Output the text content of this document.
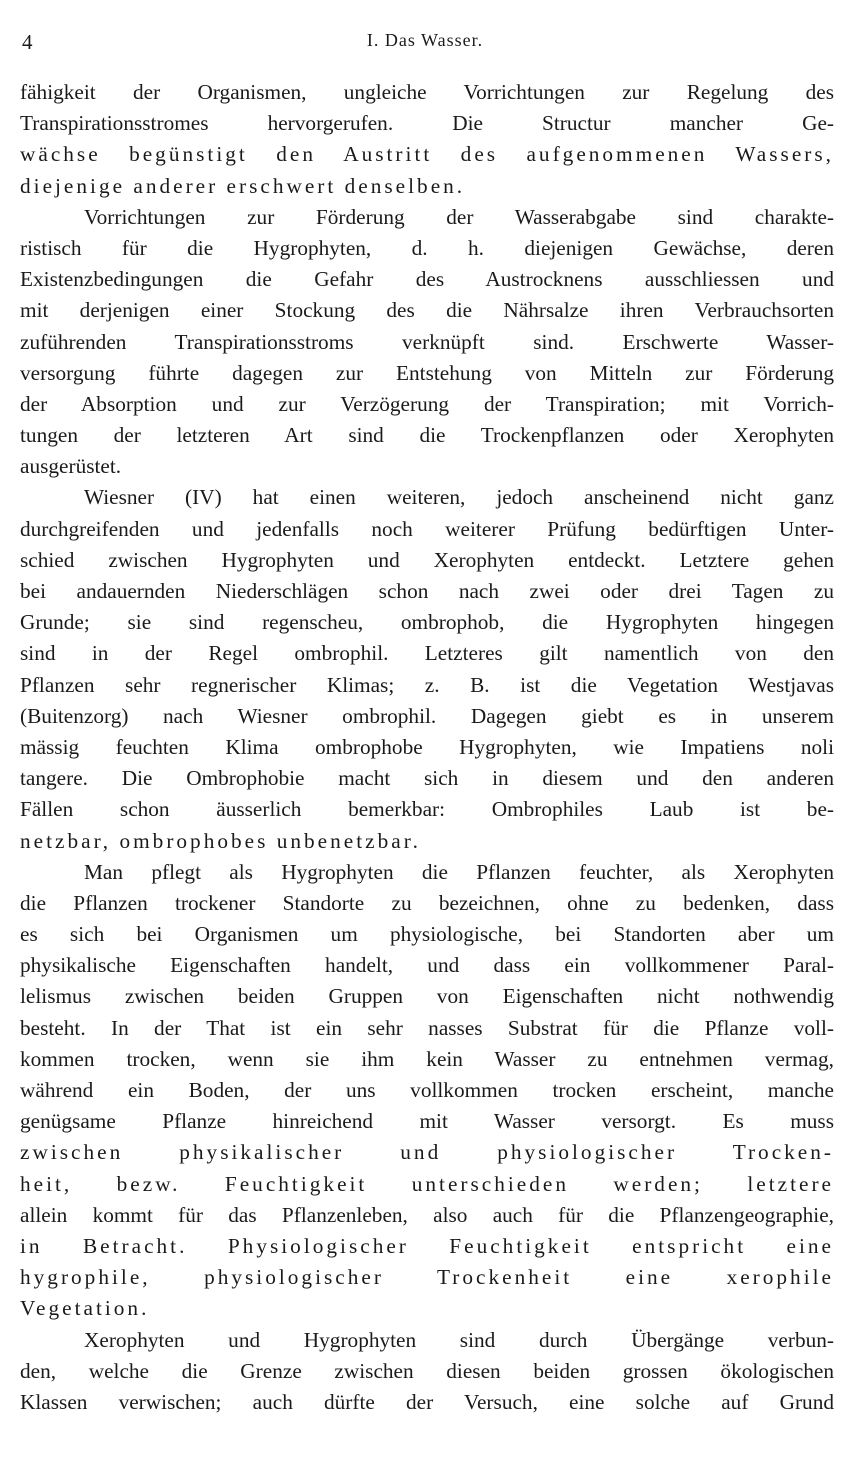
4	I. Das Wasser.
fähigkeit der Organismen, ungleiche Vorrichtungen zur Regelung des
Transpirationsstromes hervorgerufen. Die Structur mancher Ge-
wächse begünstigt den Austritt des aufgenommenen Wassers,
diejenige anderer erschwert denselben.
Vorrichtungen zur Förderung der Wasserabgabe sind charakte-
ristisch für die Hygrophyten, d. h. diejenigen Gewächse, deren
Existenzbedingungen die Gefahr des Austrocknens ausschliessen und
mit derjenigen einer Stockung des die Nährsalze ihren Verbrauchsorten
zuführenden Transpirationsstroms verknüpft sind. Erschwerte Wasser-
versorgung führte dagegen zur Entstehung von Mitteln zur Förderung
der Absorption und zur Verzögerung der Transpiration; mit Vorrich-
tungen der letzteren Art sind die Trockenpflanzen oder Xerophyten
ausgerüstet.
Wiesner (IV) hat einen weiteren, jedoch anscheinend nicht ganz
durchgreifenden und jedenfalls noch weiterer Prüfung bedürftigen Unter-
schied zwischen Hygrophyten und Xerophyten entdeckt. Letztere gehen
bei andauernden Niederschlägen schon nach zwei oder drei Tagen zu
Grunde; sie sind regenscheu, ombrophob, die Hygrophyten hingegen
sind in der Regel ombrophil. Letzteres gilt namentlich von den
Pflanzen sehr regnerischer Klimas; z. B. ist die Vegetation Westjavas
(Buitenzorg) nach Wiesner ombrophil. Dagegen giebt es in unserem
mässig feuchten Klima ombrophobe Hygrophyten, wie Impatiens noli
tangere. Die Ombrophobie macht sich in diesem und den anderen
Fällen schon äusserlich bemerkbar: Ombrophiles Laub ist be-
netzbar, ombrophobes unbenetzbar.
Man pflegt als Hygrophyten die Pflanzen feuchter, als Xerophyten
die Pflanzen trockener Standorte zu bezeichnen, ohne zu bedenken, dass
es sich bei Organismen um physiologische, bei Standorten aber um
physikalische Eigenschaften handelt, und dass ein vollkommener Paral-
lelismus zwischen beiden Gruppen von Eigenschaften nicht nothwendig
besteht. In der That ist ein sehr nasses Substrat für die Pflanze voll-
kommen trocken, wenn sie ihm kein Wasser zu entnehmen vermag,
während ein Boden, der uns vollkommen trocken erscheint, manche
genügsame Pflanze hinreichend mit Wasser versorgt. Es muss
zwischen physikalischer und physiologischer Trocken-
heit, bezw. Feuchtigkeit unterschieden werden; letztere
allein kommt für das Pflanzenleben, also auch für die Pflanzengeographie,
in Betracht. Physiologischer Feuchtigkeit entspricht eine
hygrophile, physiologischer Trockenheit eine xerophile
Vegetation.
Xerophyten und Hygrophyten sind durch Übergänge verbun-
den, welche die Grenze zwischen diesen beiden grossen ökologischen
Klassen verwischen; auch dürfte der Versuch, eine solche auf Grund
